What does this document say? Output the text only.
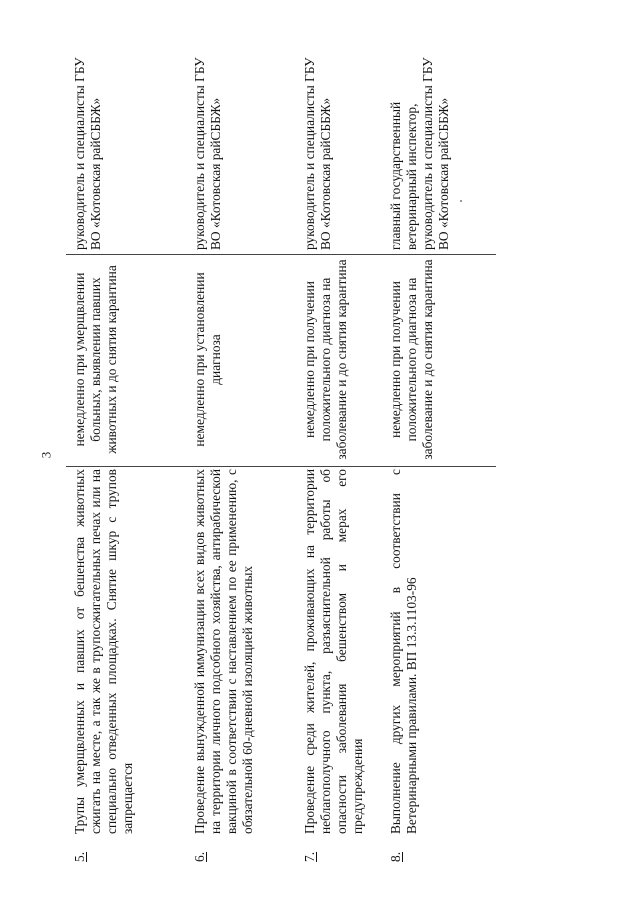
3
5.
Трупы умерщвленных и павших от бешенства животных сжигать на месте, а так же в трупосжигательных печах или на специально отведенных площадках. Снятие шкур с трупов запрещается
немедленно при умерщвлении больных, выявлении павших животных и до снятия карантина
руководитель и специалисты ГБУ ВО «Котовская райСББЖ»
6.
Проведение вынужденной иммунизации всех видов животных на территории личного подсобного хозяйства, антирабической вакциной в соответствии с наставлением по ее применению, с обязательной 60-дневной изоляцией животных
немедленно при установлении диагноза
руководитель и специалисты ГБУ ВО «Котовская райСББЖ»
7.
Проведение среди жителей, проживающих на территории неблагополучного пункта, разъяснительной работы об опасности заболевания бешенством и мерах его предупреждения
немедленно при получении положительного диагноза на заболевание и до снятия карантина
руководитель и специалисты ГБУ ВО «Котовская райСББЖ»
8.
Выполнение других мероприятий в соответствии с Ветеринарными правилами. ВП 13.3.1103-96
немедленно при получении положительного диагноза на заболевание и до снятия карантина
главный государственный ветеринарный инспектор, руководитель и специалисты ГБУ ВО «Котовская райСББЖ»
